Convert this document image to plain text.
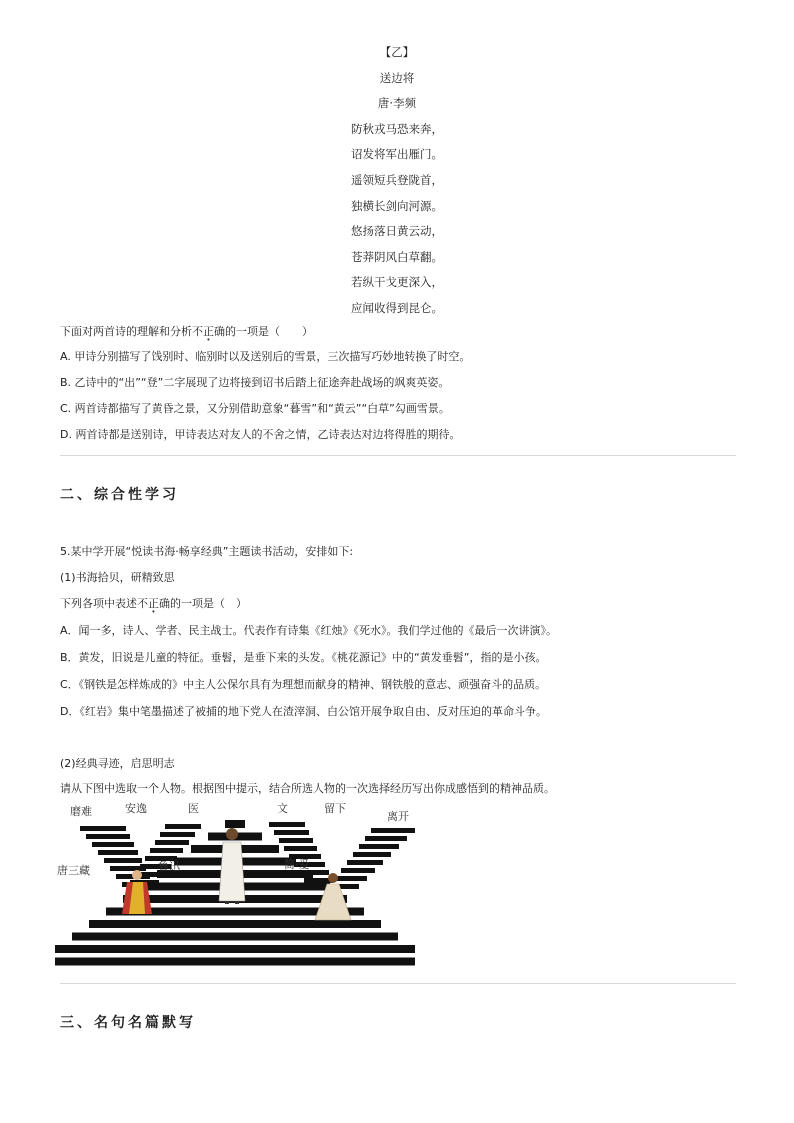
【乙】
送边将
唐·李频
防秋戎马恐来奔，
诏发将军出雁门。
遥领短兵登陇首，
独横长剑向河源。
悠扬落日黄云动，
苍莽阴风白草翻。
若纵干戈更深入，
应闻收得到昆仑。
下面对两首诗的理解和分析不正确的一项是（　　）
A. 甲诗分别描写了饯别时、临别时以及送别后的雪景，三次描写巧妙地转换了时空。
B. 乙诗中的“出”“登”二字展现了边将接到诏书后踏上征途奔赴战场的飒爽英姿。
C. 两首诗都描写了黄昏之景，又分别借助意象“暮雪”和“黄云”“白草”勾画雪景。
D. 两首诗都是送别诗，甲诗表达对友人的不舍之情，乙诗表达对边将得胜的期待。
二、综合性学习
5.某中学开展“悦读书海·畅享经典”主题读书活动，安排如下:
(1)书海拾贝，研精致思
下列各项中表述不正确的一项是（　）
A．闻一多，诗人、学者、民主战士。代表作有诗集《红烛》《死水》。我们学过他的《最后一次讲演》。
B．黄发，旧说是儿童的特征。垂髫，是垂下来的头发。《桃花源记》中的“黄发垂髫”，指的是小孩。
C．《钢铁是怎样炼成的》中主人公保尔具有为理想而献身的精神、钢铁般的意志、顽强奋斗的品质。
D．《红岩》集中笔墨描述了被捕的地下党人在渣滓洞、白公馆开展争取自由、反对压迫的革命斗争。
(2)经典寻迹，启思明志
请从下图中选取一个人物。根据图中提示，结合所选人物的一次选择经历写出你成感悟到的精神品质。
磨难	安逸	医	文	留下
离开
唐三藏	鲁迅	简·爱
三、名句名篇默写
